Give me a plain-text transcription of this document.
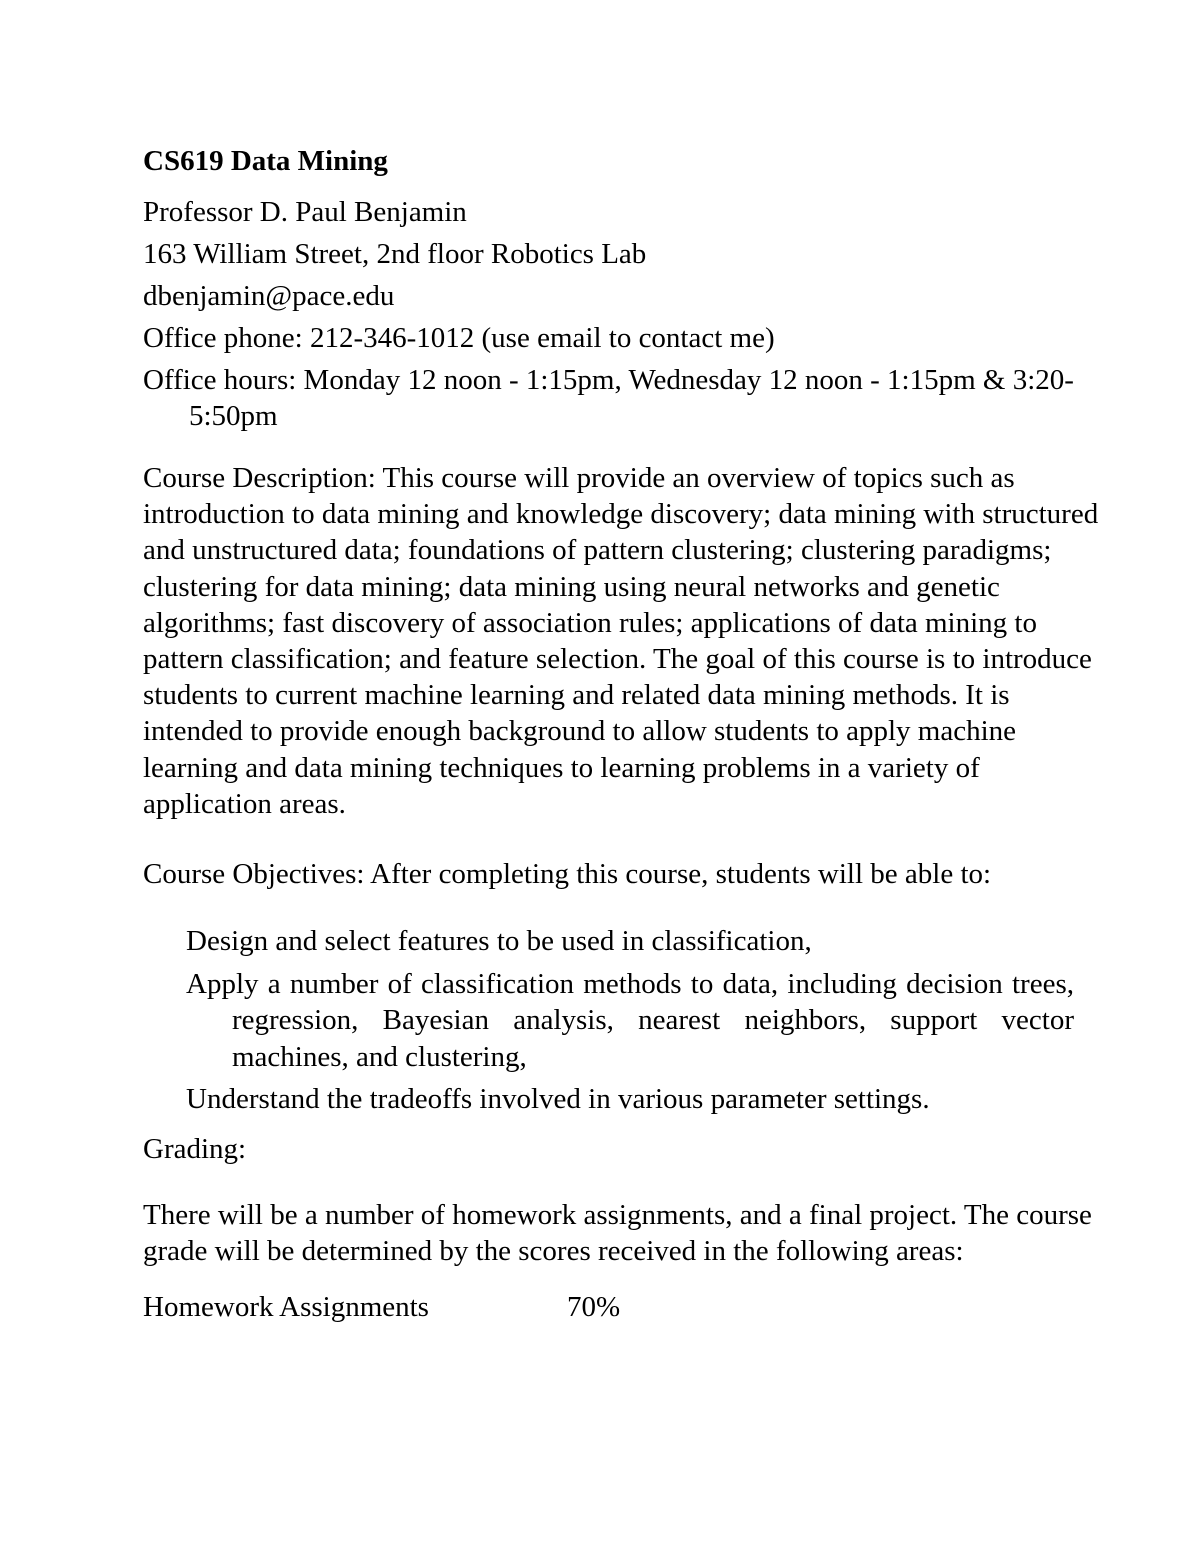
CS619 Data Mining
Professor D. Paul Benjamin
163 William Street, 2nd floor Robotics Lab
dbenjamin@pace.edu
Office phone: 212-346-1012 (use email to contact me)
Office hours: Monday 12 noon - 1:15pm, Wednesday 12 noon - 1:15pm & 3:20-5:50pm
Course Description: This course will provide an overview of topics such as introduction to data mining and knowledge discovery; data mining with structured and unstructured data; foundations of pattern clustering; clustering paradigms; clustering for data mining; data mining using neural networks and genetic algorithms; fast discovery of association rules; applications of data mining to pattern classification; and feature selection. The goal of this course is to introduce students to current machine learning and related data mining methods. It is intended to provide enough background to allow students to apply machine learning and data mining techniques to learning problems in a variety of application areas.
Course Objectives: After completing this course, students will be able to:
Design and select features to be used in classification,
Apply a number of classification methods to data, including decision trees, regression, Bayesian analysis, nearest neighbors, support vector machines, and clustering,
Understand the tradeoffs involved in various parameter settings.
Grading:
There will be a number of homework assignments, and a final project. The course grade will be determined by the scores received in the following areas:
Homework Assignments	70%
